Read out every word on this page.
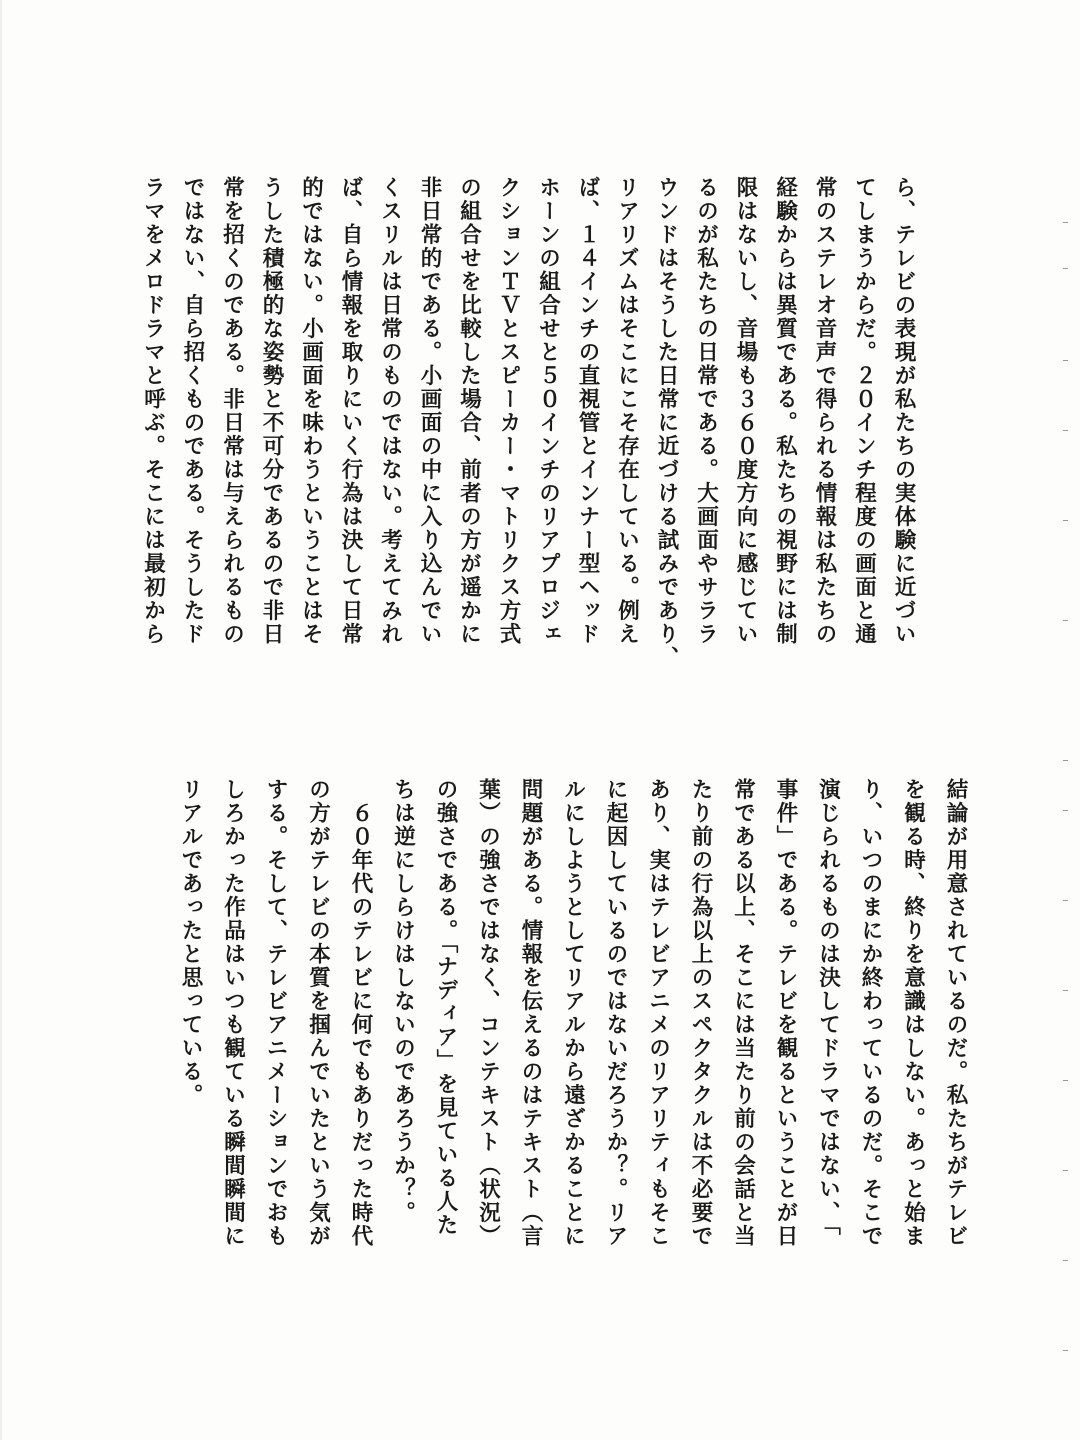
ら、テレビの表現が私たちの実体験に近づい
てしまうからだ。２０インチ程度の画面と通
常のステレオ音声で得られる情報は私たちの
経験からは異質である。私たちの視野には制
限はないし、音場も３６０度方向に感じてい
るのが私たちの日常である。大画面やサララ
ウンドはそうした日常に近づける試みであり、
リアリズムはそこにこそ存在している。例え
ば、１４インチの直視管とインナー型ヘッド
ホーンの組合せと５０インチのリアプロジェ
クションＴＶとスピーカー・マトリクス方式
の組合せを比較した場合、前者の方が遥かに
非日常的である。小画面の中に入り込んでい
くスリルは日常のものではない。考えてみれ
ば、自ら情報を取りにいく行為は決して日常
的ではない。小画面を味わうということはそ
うした積極的な姿勢と不可分であるので非日
常を招くのである。非日常は与えられるもの
ではない、自ら招くものである。そうしたド
ラマをメロドラマと呼ぶ。そこには最初から
結論が用意されているのだ。私たちがテレビ
を観る時、終りを意識はしない。あっと始ま
り、いつのまにか終わっているのだ。そこで
演じられるものは決してドラマではない、「
事件」である。テレビを観るということが日
常である以上、そこには当たり前の会話と当
たり前の行為以上のスペクタクルは不必要で
あり、実はテレビアニメのリアリティもそこ
に起因しているのではないだろうか？。リア
ルにしようとしてリアルから遠ざかることに
問題がある。情報を伝えるのはテキスト（言
葉）の強さではなく、コンテキスト（状況）
の強さである。「ナディア」を見ている人た
ちは逆にしらけはしないのであろうか？。
　６０年代のテレビに何でもありだった時代
の方がテレビの本質を掴んでいたという気が
する。そして、テレビアニメーションでおも
しろかった作品はいつも観ている瞬間瞬間に
リアルであったと思っている。
